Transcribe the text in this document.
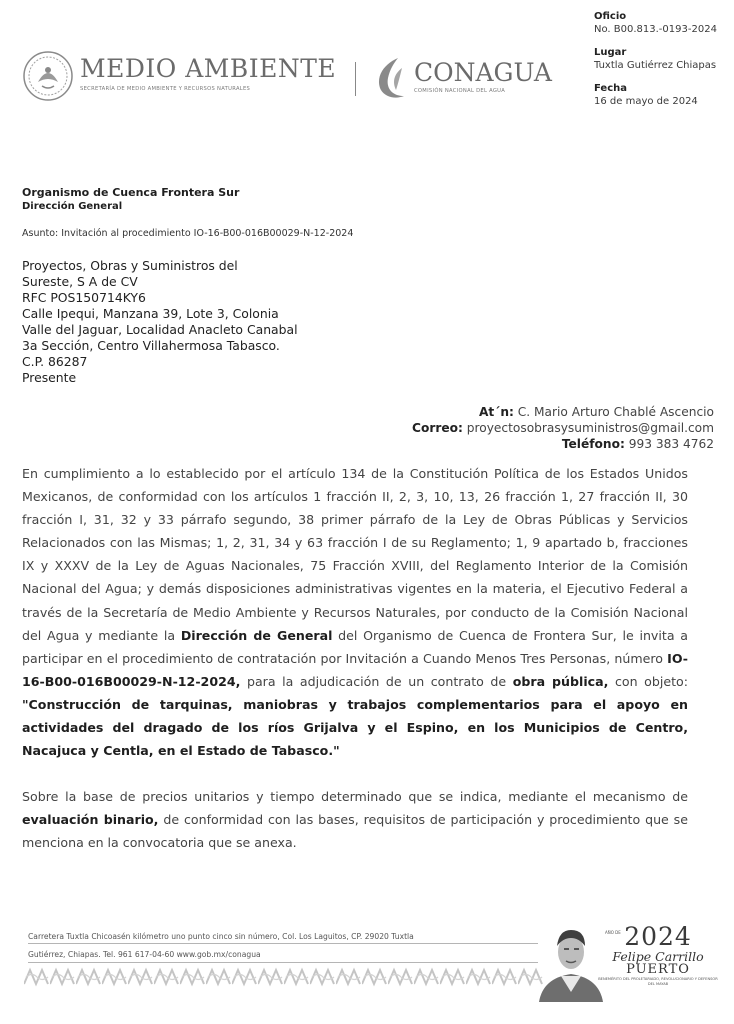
MEDIO AMBIENTE
SECRETARÍA DE MEDIO AMBIENTE Y RECURSOS NATURALES
CONAGUA
COMISIÓN NACIONAL DEL AGUA
Oficio
No. B00.813.-0193-2024
Lugar
Tuxtla Gutiérrez Chiapas
Fecha
16 de mayo de 2024
Organismo de Cuenca Frontera Sur
Dirección General
Asunto: Invitación al procedimiento IO-16-B00-016B00029-N-12-2024
Proyectos, Obras y Suministros del
Sureste, S A de CV
RFC POS150714KY6
Calle Ipequi, Manzana 39, Lote 3, Colonia
Valle del Jaguar, Localidad Anacleto Canabal
3a Sección, Centro Villahermosa Tabasco.
C.P. 86287
Presente
At´n: C. Mario Arturo Chablé Ascencio
Correo: proyectosobrasysuministros@gmail.com
Teléfono: 993 383 4762

En cumplimiento a lo establecido por el artículo 134 de la Constitución Política de los Estados Unidos Mexicanos, de conformidad con los artículos 1 fracción II, 2, 3, 10, 13, 26 fracción 1, 27 fracción II, 30 fracción I, 31, 32 y 33 párrafo segundo, 38 primer párrafo de la Ley de Obras Públicas y Servicios Relacionados con las Mismas; 1, 2, 31, 34 y 63 fracción I de su Reglamento; 1, 9 apartado b, fracciones IX y XXXV de la Ley de Aguas Nacionales, 75 Fracción XVIII, del Reglamento Interior de la Comisión Nacional del Agua; y demás disposiciones administrativas vigentes en la materia, el Ejecutivo Federal a través de la Secretaría de Medio Ambiente y Recursos Naturales, por conducto de la Comisión Nacional del Agua y mediante la Dirección de General del Organismo de Cuenca de Frontera Sur, le invita a participar en el procedimiento de contratación por Invitación a Cuando Menos Tres Personas, número IO-16-B00-016B00029-N-12-2024, para la adjudicación de un contrato de obra pública, con objeto: "Construcción de tarquinas, maniobras y trabajos complementarios para el apoyo en actividades del dragado de los ríos Grijalva y el Espino, en los Municipios de Centro, Nacajuca y Centla, en el Estado de Tabasco."

Sobre la base de precios unitarios y tiempo determinado que se indica, mediante el mecanismo de evaluación binario, de conformidad con las bases, requisitos de participación y procedimiento que se menciona en la convocatoria que se anexa.

Carretera Tuxtla Chicoasén kilómetro uno punto cinco sin número, Col. Los Laguitos, CP. 29020 Tuxtla
Gutiérrez, Chiapas. Tel. 961 617-04-60 www.gob.mx/conagua
AÑO DE 2024
Felipe Carrillo
PUERTO
BENEMÉRITO DEL PROLETARIADO, REVOLUCIONARIO Y DEFENSOR DEL MAYAB
